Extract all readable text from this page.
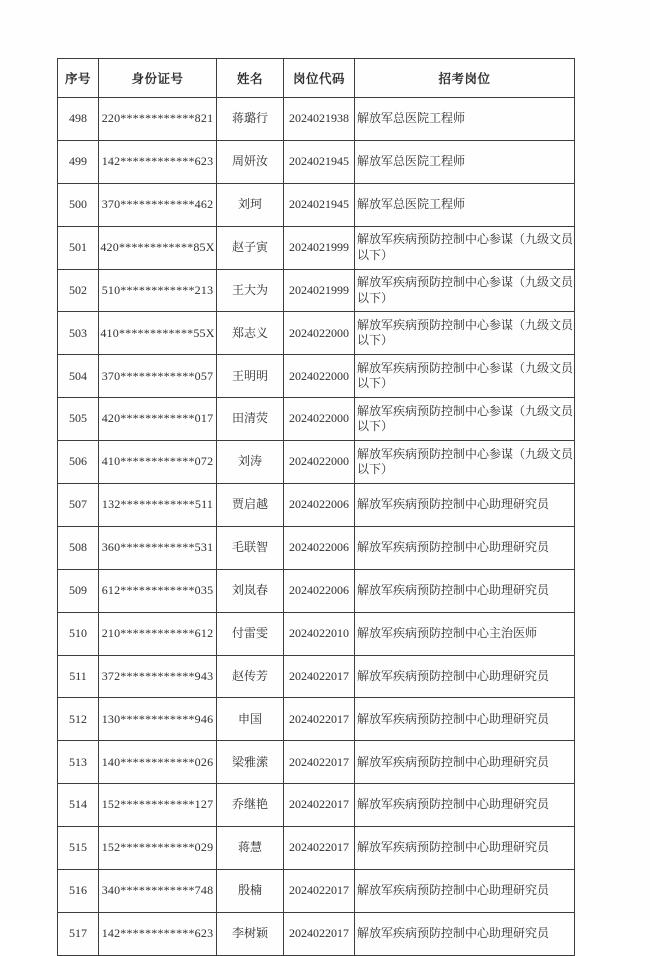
序号	身份证号	姓名	岗位代码	招考岗位
498	220************821	蒋璐行	2024021938	解放军总医院工程师
499	142************623	周妍汝	2024021945	解放军总医院工程师
500	370************462	刘珂	2024021945	解放军总医院工程师
501	420************85X	赵子寅	2024021999	解放军疾病预防控制中心参谋（九级文员以下）
502	510************213	王大为	2024021999	解放军疾病预防控制中心参谋（九级文员以下）
503	410************55X	郑志义	2024022000	解放军疾病预防控制中心参谋（九级文员以下）
504	370************057	王明明	2024022000	解放军疾病预防控制中心参谋（九级文员以下）
505	420************017	田清荧	2024022000	解放军疾病预防控制中心参谋（九级文员以下）
506	410************072	刘涛	2024022000	解放军疾病预防控制中心参谋（九级文员以下）
507	132************511	贾启越	2024022006	解放军疾病预防控制中心助理研究员
508	360************531	毛联智	2024022006	解放军疾病预防控制中心助理研究员
509	612************035	刘岚春	2024022006	解放军疾病预防控制中心助理研究员
510	210************612	付雷雯	2024022010	解放军疾病预防控制中心主治医师
511	372************943	赵传芳	2024022017	解放军疾病预防控制中心助理研究员
512	130************946	申国	2024022017	解放军疾病预防控制中心助理研究员
513	140************026	梁雅潆	2024022017	解放军疾病预防控制中心助理研究员
514	152************127	乔继艳	2024022017	解放军疾病预防控制中心助理研究员
515	152************029	蒋慧	2024022017	解放军疾病预防控制中心助理研究员
516	340************748	殷楠	2024022017	解放军疾病预防控制中心助理研究员
517	142************623	李树颖	2024022017	解放军疾病预防控制中心助理研究员
